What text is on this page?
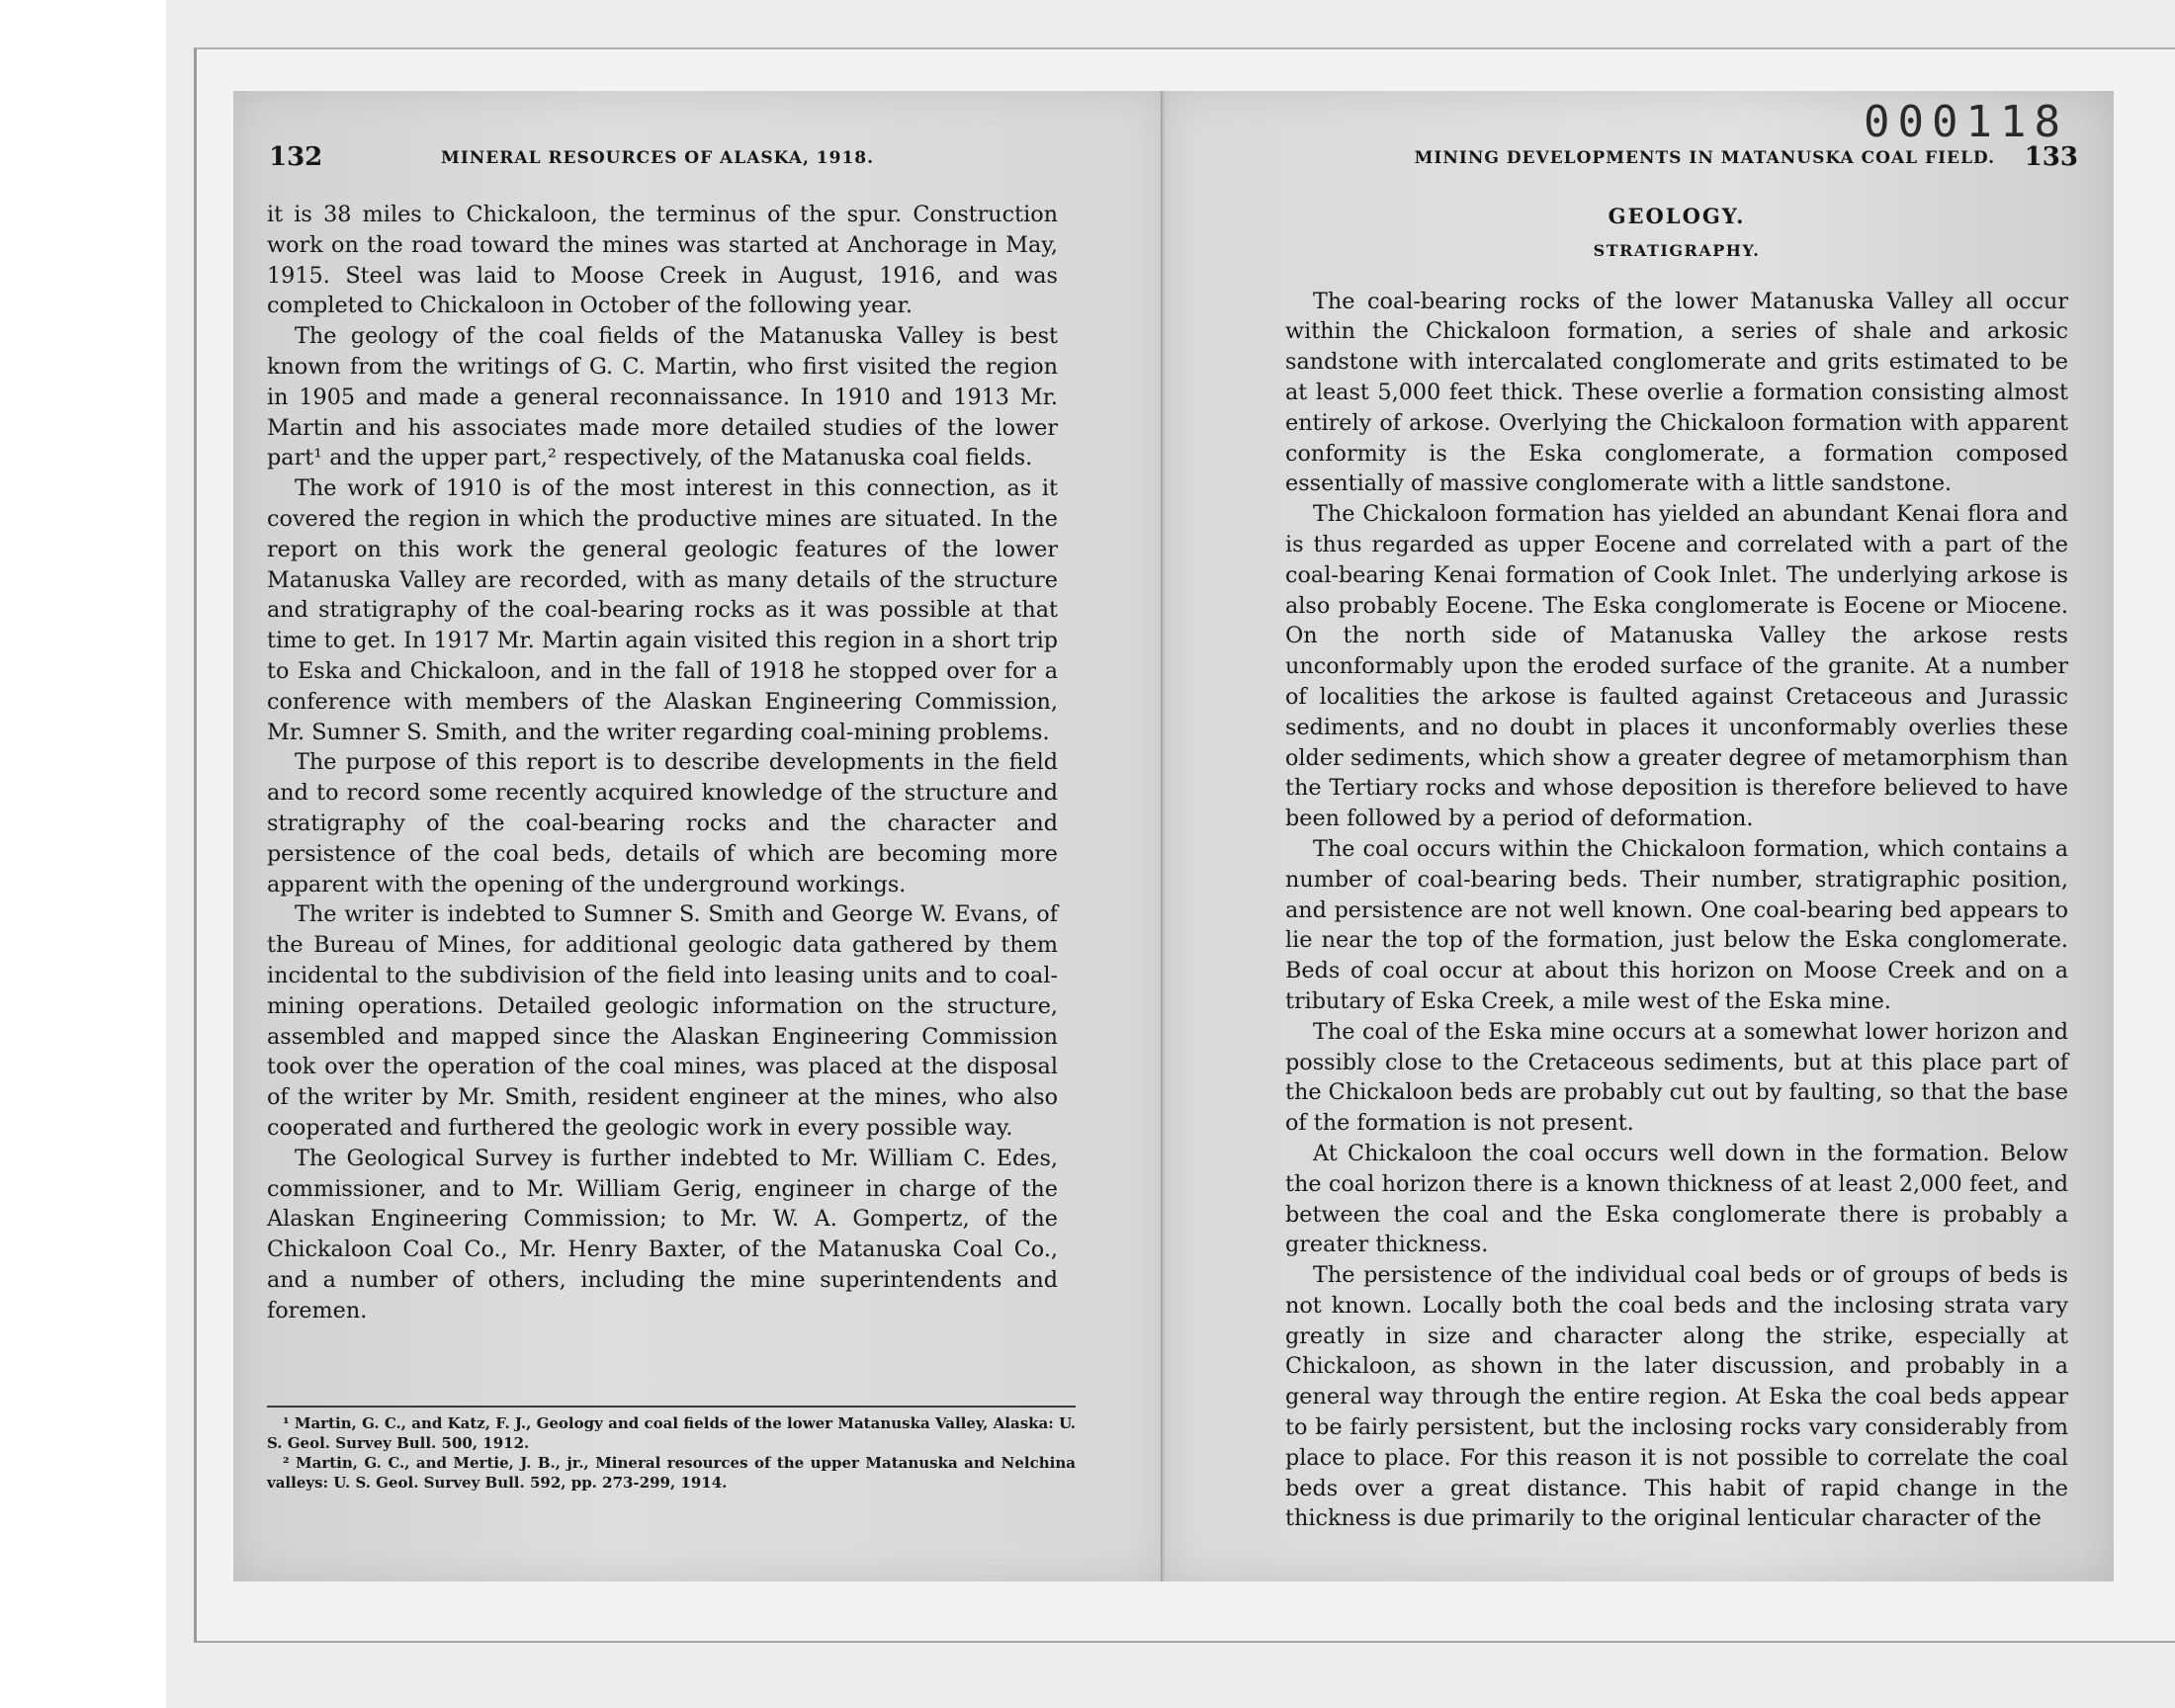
132	MINERAL RESOURCES OF ALASKA, 1918.

it is 38 miles to Chickaloon, the terminus of the spur. Construction work on the road toward the mines was started at Anchorage in May, 1915. Steel was laid to Moose Creek in August, 1916, and was completed to Chickaloon in October of the following year.

The geology of the coal fields of the Matanuska Valley is best known from the writings of G. C. Martin, who first visited the region in 1905 and made a general reconnaissance. In 1910 and 1913 Mr. Martin and his associates made more detailed studies of the lower part¹ and the upper part,² respectively, of the Matanuska coal fields.

The work of 1910 is of the most interest in this connection, as it covered the region in which the productive mines are situated. In the report on this work the general geologic features of the lower Matanuska Valley are recorded, with as many details of the structure and stratigraphy of the coal-bearing rocks as it was possible at that time to get. In 1917 Mr. Martin again visited this region in a short trip to Eska and Chickaloon, and in the fall of 1918 he stopped over for a conference with members of the Alaskan Engineering Commission, Mr. Sumner S. Smith, and the writer regarding coal-mining problems.

The purpose of this report is to describe developments in the field and to record some recently acquired knowledge of the structure and stratigraphy of the coal-bearing rocks and the character and persistence of the coal beds, details of which are becoming more apparent with the opening of the underground workings.

The writer is indebted to Sumner S. Smith and George W. Evans, of the Bureau of Mines, for additional geologic data gathered by them incidental to the subdivision of the field into leasing units and to coal-mining operations. Detailed geologic information on the structure, assembled and mapped since the Alaskan Engineering Commission took over the operation of the coal mines, was placed at the disposal of the writer by Mr. Smith, resident engineer at the mines, who also cooperated and furthered the geologic work in every possible way.

The Geological Survey is further indebted to Mr. William C. Edes, commissioner, and to Mr. William Gerig, engineer in charge of the Alaskan Engineering Commission; to Mr. W. A. Gompertz, of the Chickaloon Coal Co., Mr. Henry Baxter, of the Matanuska Coal Co., and a number of others, including the mine superintendents and foremen.

¹ Martin, G. C., and Katz, F. J., Geology and coal fields of the lower Matanuska Valley, Alaska: U. S. Geol. Survey Bull. 500, 1912.

² Martin, G. C., and Mertie, J. B., jr., Mineral resources of the upper Matanuska and Nelchina valleys: U. S. Geol. Survey Bull. 592, pp. 273-299, 1914.

000118
MINING DEVELOPMENTS IN MATANUSKA COAL FIELD. 133
GEOLOGY.
STRATIGRAPHY.

The coal-bearing rocks of the lower Matanuska Valley all occur within the Chickaloon formation, a series of shale and arkosic sandstone with intercalated conglomerate and grits estimated to be at least 5,000 feet thick. These overlie a formation consisting almost entirely of arkose. Overlying the Chickaloon formation with apparent conformity is the Eska conglomerate, a formation composed essentially of massive conglomerate with a little sandstone.

The Chickaloon formation has yielded an abundant Kenai flora and is thus regarded as upper Eocene and correlated with a part of the coal-bearing Kenai formation of Cook Inlet. The underlying arkose is also probably Eocene. The Eska conglomerate is Eocene or Miocene. On the north side of Matanuska Valley the arkose rests unconformably upon the eroded surface of the granite. At a number of localities the arkose is faulted against Cretaceous and Jurassic sediments, and no doubt in places it unconformably overlies these older sediments, which show a greater degree of metamorphism than the Tertiary rocks and whose deposition is therefore believed to have been followed by a period of deformation.

The coal occurs within the Chickaloon formation, which contains a number of coal-bearing beds. Their number, stratigraphic position, and persistence are not well known. One coal-bearing bed appears to lie near the top of the formation, just below the Eska conglomerate. Beds of coal occur at about this horizon on Moose Creek and on a tributary of Eska Creek, a mile west of the Eska mine.

The coal of the Eska mine occurs at a somewhat lower horizon and possibly close to the Cretaceous sediments, but at this place part of the Chickaloon beds are probably cut out by faulting, so that the base of the formation is not present.

At Chickaloon the coal occurs well down in the formation. Below the coal horizon there is a known thickness of at least 2,000 feet, and between the coal and the Eska conglomerate there is probably a greater thickness.

The persistence of the individual coal beds or of groups of beds is not known. Locally both the coal beds and the inclosing strata vary greatly in size and character along the strike, especially at Chickaloon, as shown in the later discussion, and probably in a general way through the entire region. At Eska the coal beds appear to be fairly persistent, but the inclosing rocks vary considerably from place to place. For this reason it is not possible to correlate the coal beds over a great distance. This habit of rapid change in the thickness is due primarily to the original lenticular character of the
